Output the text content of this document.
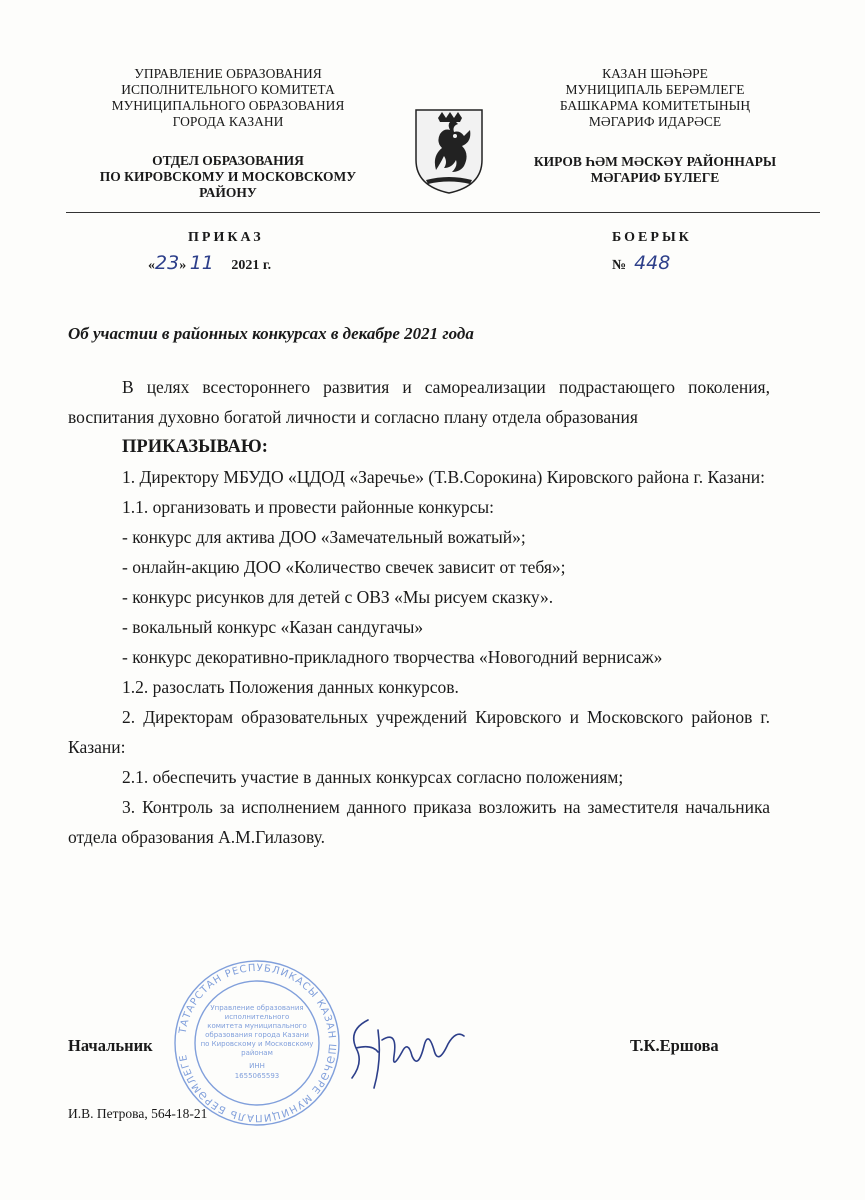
УПРАВЛЕНИЕ ОБРАЗОВАНИЯ
ИСПОЛНИТЕЛЬНОГО КОМИТЕТА
МУНИЦИПАЛЬНОГО ОБРАЗОВАНИЯ
ГОРОДА КАЗАНИ
ОТДЕЛ ОБРАЗОВАНИЯ
ПО КИРОВСКОМУ И МОСКОВСКОМУ
РАЙОНУ
КАЗАН ШӘҺӘРЕ
МУНИЦИПАЛЬ БЕРӘМЛЕГЕ
БАШКАРМА КОМИТЕТЫНЫҢ
МӘГАРИФ ИДАРӘСЕ
КИРОВ ҺӘМ МӘСКӘҮ РАЙОННАРЫ
МӘГАРИФ БҮЛЕГЕ
ПРИКАЗ	БОЕРЫК
«23» 11 2021 г.	№ 448
Об участии в районных конкурсах в декабре 2021 года

В целях всестороннего развития и самореализации подрастающего поколения, воспитания духовно богатой личности и согласно плану отдела образования

ПРИКАЗЫВАЮ:

1. Директору МБУДО «ЦДОД «Заречье» (Т.В.Сорокина) Кировского района г. Казани:

1.1. организовать и провести районные конкурсы:

- конкурс для актива ДОО «Замечательный вожатый»;

- онлайн-акцию ДОО «Количество свечек зависит от тебя»;

- конкурс рисунков для детей с ОВЗ «Мы рисуем сказку».

- вокальный конкурс «Казан сандугачы»

- конкурс декоративно-прикладного творчества «Новогодний вернисаж»

1.2. разослать Положения данных конкурсов.

2. Директорам образовательных учреждений Кировского и Московского районов г. Казани:

2.1. обеспечить участие в данных конкурсах согласно положениям;

3. Контроль за исполнением данного приказа возложить на заместителя начальника отдела образования А.М.Гилазову.

ТАТАРСТАН РЕСПУБЛИКАСЫ КАЗАН ШӘҺӘРЕ МУНИЦИПАЛЬ БЕРӘМЛЕГЕ
Управление образования
исполнительного
комитета муниципального
образования города Казани
по Кировскому и Московскому
районам
ИНН
1655065593
Начальник	Т.К.Ершова
И.В. Петрова, 564-18-21
